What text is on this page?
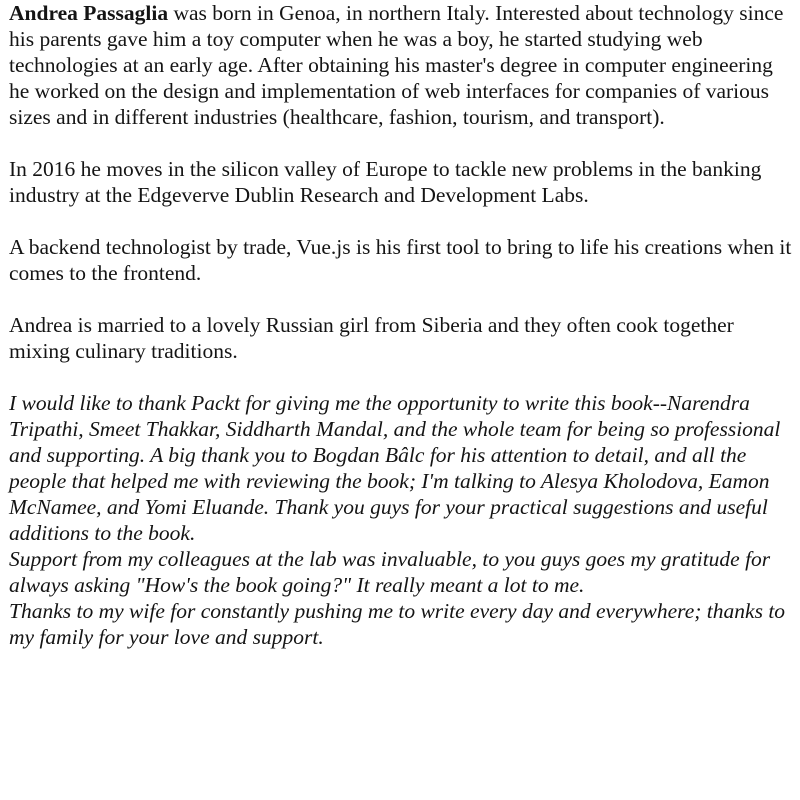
Andrea Passaglia was born in Genoa, in northern Italy. Interested about technology since his parents gave him a toy computer when he was a boy, he started studying web technologies at an early age. After obtaining his master's degree in computer engineering he worked on the design and implementation of web interfaces for companies of various sizes and in different industries (healthcare, fashion, tourism, and transport).

In 2016 he moves in the silicon valley of Europe to tackle new problems in the banking industry at the Edgeverve Dublin Research and Development Labs.

A backend technologist by trade, Vue.js is his first tool to bring to life his creations when it comes to the frontend.

Andrea is married to a lovely Russian girl from Siberia and they often cook together mixing culinary traditions.

I would like to thank Packt for giving me the opportunity to write this book--Narendra Tripathi, Smeet Thakkar, Siddharth Mandal, and the whole team for being so professional and supporting. A big thank you to Bogdan Bâlc for his attention to detail, and all the people that helped me with reviewing the book; I'm talking to Alesya Kholodova, Eamon McNamee, and Yomi Eluande. Thank you guys for your practical suggestions and useful additions to the book.

Support from my colleagues at the lab was invaluable, to you guys goes my gratitude for always asking "How's the book going?" It really meant a lot to me.

Thanks to my wife for constantly pushing me to write every day and everywhere; thanks to my family for your love and support.
